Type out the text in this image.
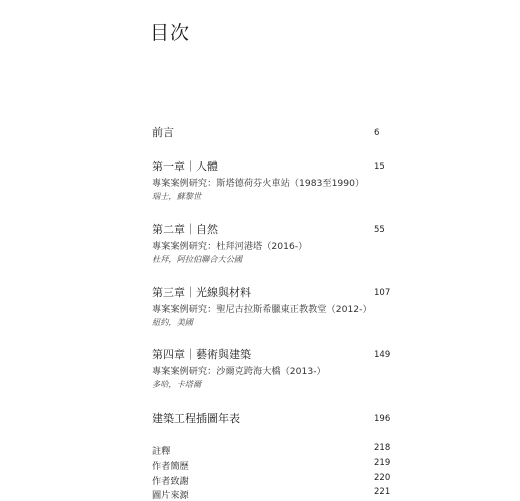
目次
前言	6
第一章｜人體	15
專案案例研究：斯塔德荷芬火車站（1983至1990）
瑞士，蘇黎世
第二章｜自然	55
專案案例研究：杜拜河港塔（2016-）
杜拜，阿拉伯聯合大公國
第三章｜光線與材料	107
專案案例研究：聖尼古拉斯希臘東正教教堂（2012-）
紐約，美國
第四章｜藝術與建築	149
專案案例研究：沙爾克跨海大橋（2013-）
多哈，卡塔爾
建築工程插圖年表	196
註釋	218
作者簡歷	219
作者致謝	220
圖片來源	221
